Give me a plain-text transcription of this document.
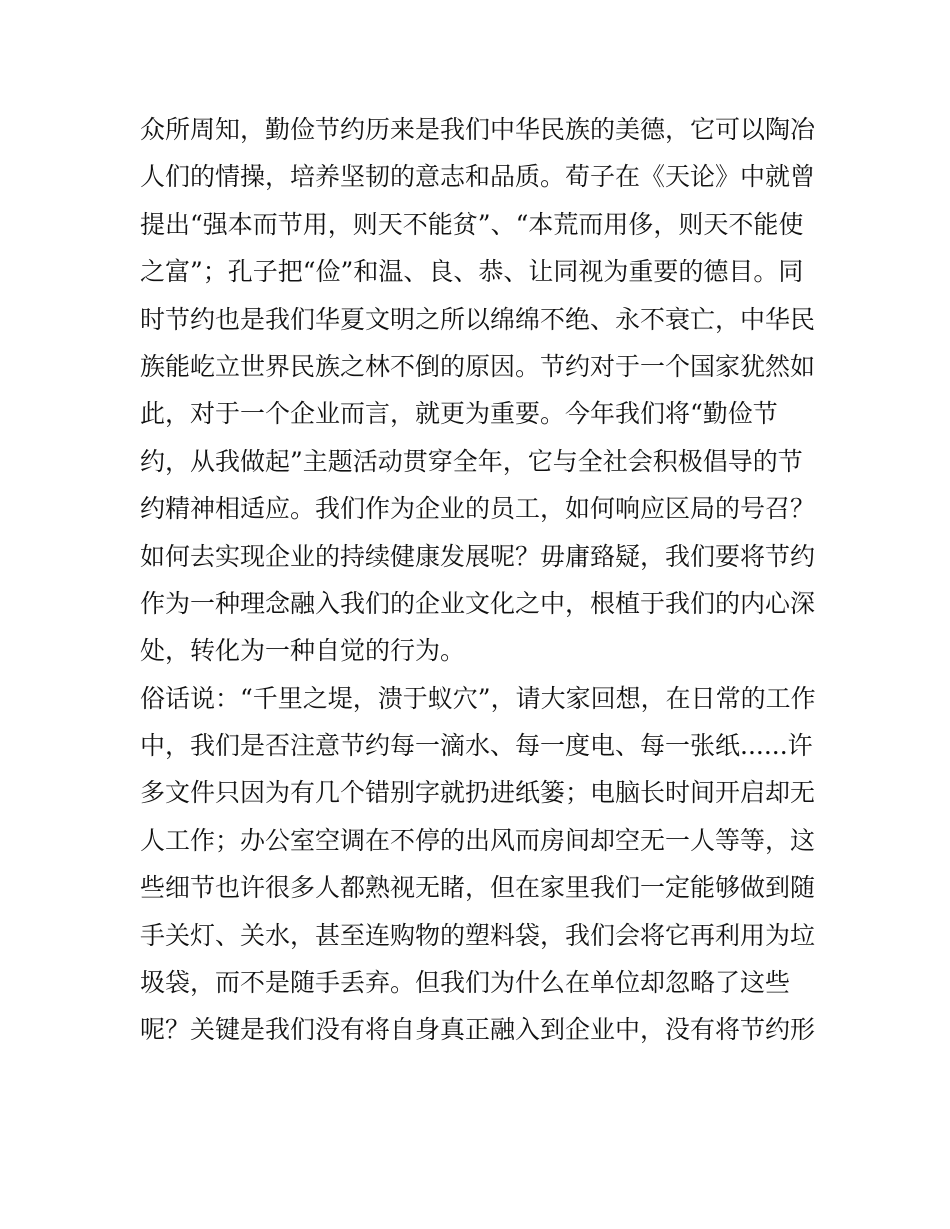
众所周知，勤俭节约历来是我们中华民族的美德，它可以陶冶
人们的情操，培养坚韧的意志和品质。荀子在《天论》中就曾
提出“强本而节用，则天不能贫”、“本荒而用侈，则天不能使
之富”；孔子把“俭”和温、良、恭、让同视为重要的德目。同
时节约也是我们华夏文明之所以绵绵不绝、永不衰亡，中华民
族能屹立世界民族之林不倒的原因。节约对于一个国家犹然如
此，对于一个企业而言，就更为重要。今年我们将“勤俭节
约，从我做起”主题活动贯穿全年，它与全社会积极倡导的节
约精神相适应。我们作为企业的员工，如何响应区局的号召？
如何去实现企业的持续健康发展呢？毋庸臵疑，我们要将节约
作为一种理念融入我们的企业文化之中，根植于我们的内心深
处，转化为一种自觉的行为。
俗话说：“千里之堤，溃于蚁穴”，请大家回想，在日常的工作
中，我们是否注意节约每一滴水、每一度电、每一张纸......许
多文件只因为有几个错别字就扔进纸篓；电脑长时间开启却无
人工作；办公室空调在不停的出风而房间却空无一人等等，这
些细节也许很多人都熟视无睹，但在家里我们一定能够做到随
手关灯、关水，甚至连购物的塑料袋，我们会将它再利用为垃
圾袋，而不是随手丢弃。但我们为什么在单位却忽略了这些
呢？关键是我们没有将自身真正融入到企业中，没有将节约形
